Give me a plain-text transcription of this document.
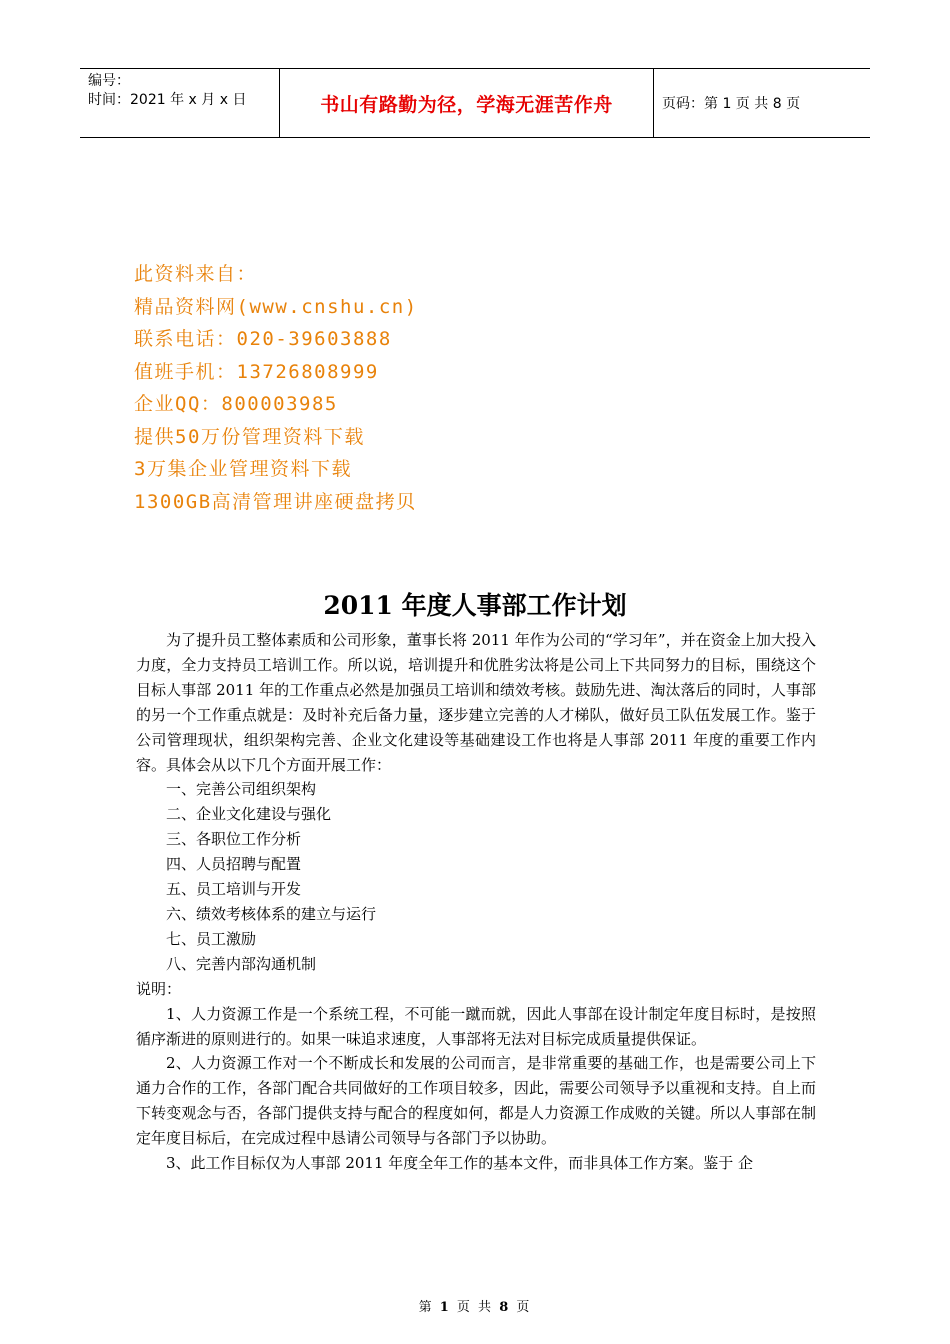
编号：
时间：2021 年 x 月 x 日	书山有路勤为径，学海无涯苦作舟	页码：第 1 页 共 8 页
此资料来自：
精品资料网(www.cnshu.cn)
联系电话：020-39603888
值班手机：13726808999
企业QQ：800003985
提供50万份管理资料下载
3万集企业管理资料下载
1300GB高清管理讲座硬盘拷贝
2011 年度人事部工作计划

为了提升员工整体素质和公司形象，董事长将 2011 年作为公司的“学习年”，并在资金上加大投入力度，全力支持员工培训工作。所以说，培训提升和优胜劣汰将是公司上下共同努力的目标，围绕这个目标人事部 2011 年的工作重点必然是加强员工培训和绩效考核。鼓励先进、淘汰落后的同时，人事部的另一个工作重点就是：及时补充后备力量，逐步建立完善的人才梯队，做好员工队伍发展工作。鉴于公司管理现状，组织架构完善、企业文化建设等基础建设工作也将是人事部 2011 年度的重要工作内容。具体会从以下几个方面开展工作：

一、完善公司组织架构

二、企业文化建设与强化

三、各职位工作分析

四、人员招聘与配置

五、员工培训与开发

六、绩效考核体系的建立与运行

七、员工激励

八、完善内部沟通机制

说明：

1、人力资源工作是一个系统工程，不可能一蹴而就，因此人事部在设计制定年度目标时，是按照循序渐进的原则进行的。如果一味追求速度，人事部将无法对目标完成质量提供保证。

2、人力资源工作对一个不断成长和发展的公司而言，是非常重要的基础工作，也是需要公司上下通力合作的工作，各部门配合共同做好的工作项目较多，因此，需要公司领导予以重视和支持。自上而下转变观念与否，各部门提供支持与配合的程度如何，都是人力资源工作成败的关键。所以人事部在制定年度目标后，在完成过程中恳请公司领导与各部门予以协助。

3、此工作目标仅为人事部 2011 年度全年工作的基本文件，而非具体工作方案。鉴于 企

第 1 页 共 8 页
